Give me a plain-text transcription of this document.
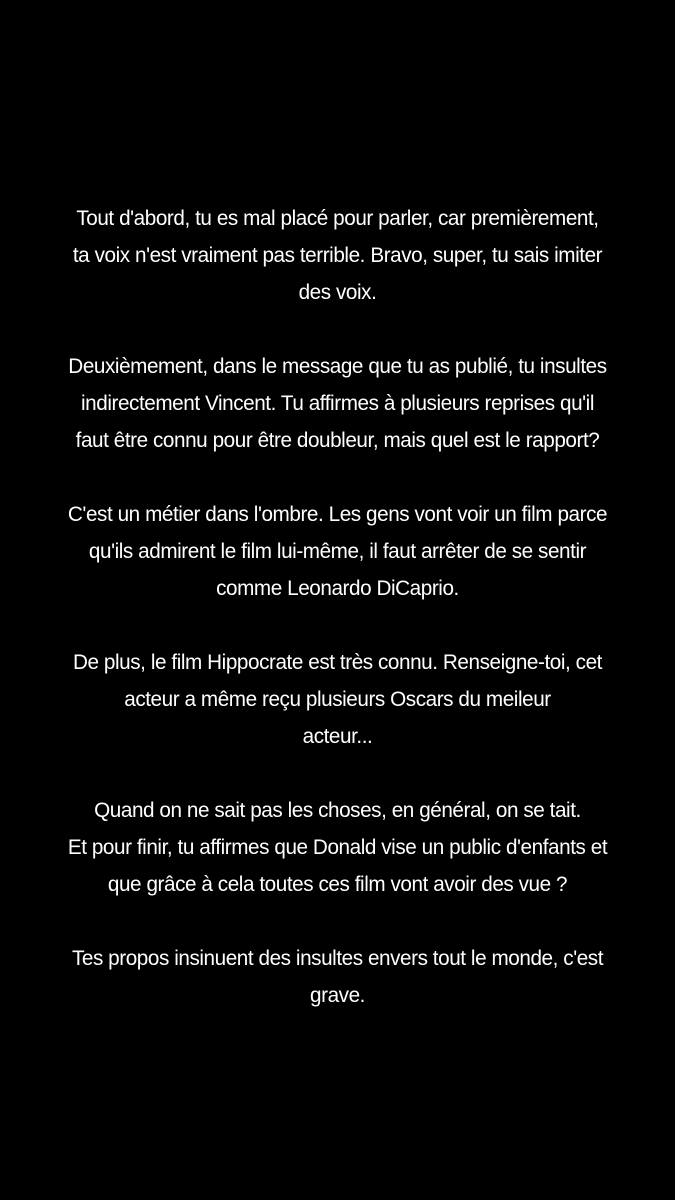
Tout d'abord, tu es mal placé pour parler, car premièrement,
ta voix n'est vraiment pas terrible. Bravo, super, tu sais imiter
des voix.
Deuxièmement, dans le message que tu as publié, tu insultes
indirectement Vincent. Tu affirmes à plusieurs reprises qu'il
faut être connu pour être doubleur, mais quel est le rapport?
C'est un métier dans l'ombre. Les gens vont voir un film parce
qu'ils admirent le film lui-même, il faut arrêter de se sentir
comme Leonardo DiCaprio.
De plus, le film Hippocrate est très connu. Renseigne-toi, cet
acteur a même reçu plusieurs Oscars du meileur
acteur...
Quand on ne sait pas les choses, en général, on se tait.
Et pour finir, tu affirmes que Donald vise un public d'enfants et
que grâce à cela toutes ces film vont avoir des vue ?
Tes propos insinuent des insultes envers tout le monde, c'est
grave.
